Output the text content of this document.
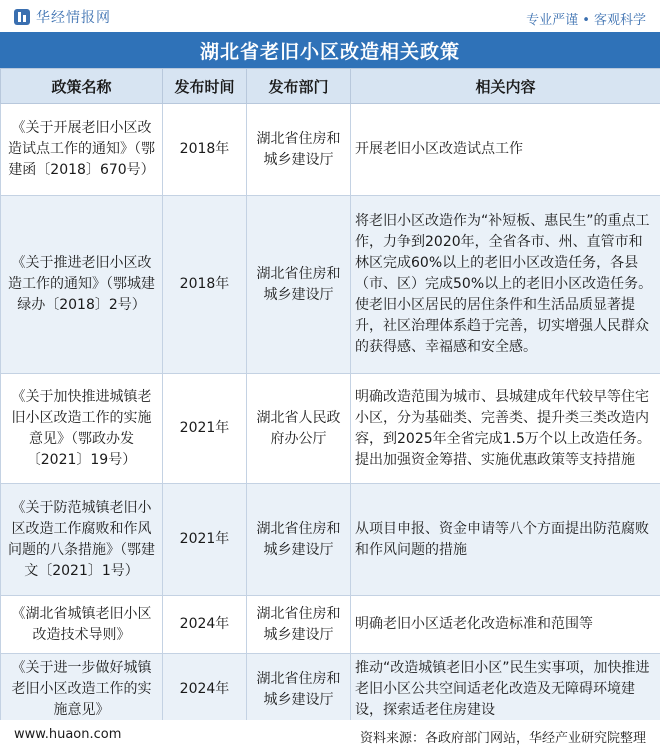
华经情报网	专业严谨 • 客观科学
湖北省老旧小区改造相关政策
政策名称	发布时间	发布部门	相关内容
《关于开展老旧小区改造试点工作的通知》（鄂建函〔2018〕670号）	2018年	湖北省住房和城乡建设厅	开展老旧小区改造试点工作
《关于推进老旧小区改造工作的通知》（鄂城建绿办〔2018〕2号）	2018年	湖北省住房和城乡建设厅	将老旧小区改造作为“补短板、惠民生”的重点工作，力争到2020年，全省各市、州、直管市和林区完成60%以上的老旧小区改造任务，各县（市、区）完成50%以上的老旧小区改造任务。使老旧小区居民的居住条件和生活品质显著提升，社区治理体系趋于完善，切实增强人民群众的获得感、幸福感和安全感。
《关于加快推进城镇老旧小区改造工作的实施意见》（鄂政办发〔2021〕19号）	2021年	湖北省人民政府办公厅	明确改造范围为城市、县城建成年代较早等住宅小区，分为基础类、完善类、提升类三类改造内容，到2025年全省完成1.5万个以上改造任务。提出加强资金筹措、实施优惠政策等支持措施
《关于防范城镇老旧小区改造工作腐败和作风问题的八条措施》（鄂建文〔2021〕1号）	2021年	湖北省住房和城乡建设厅	从项目申报、资金申请等八个方面提出防范腐败和作风问题的措施
《湖北省城镇老旧小区改造技术导则》	2024年	湖北省住房和城乡建设厅	明确老旧小区适老化改造标准和范围等
《关于进一步做好城镇老旧小区改造工作的实施意见》	2024年	湖北省住房和城乡建设厅	推动“改造城镇老旧小区”民生实事项，加快推进老旧小区公共空间适老化改造及无障碍环境建设，探索适老住房建设
www.huaon.com	资料来源：各政府部门网站，华经产业研究院整理
